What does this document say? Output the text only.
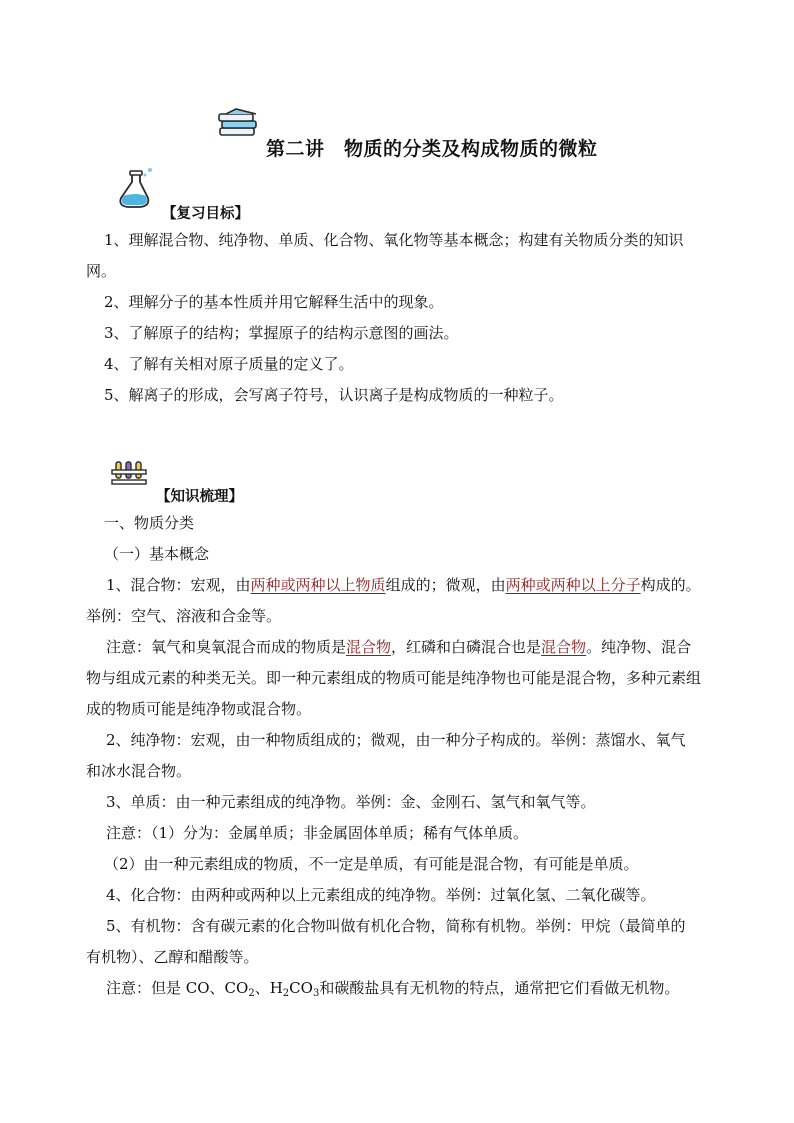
第二讲　物质的分类及构成物质的微粒
【复习目标】
1、理解混合物、纯净物、单质、化合物、氧化物等基本概念；构建有关物质分类的知识
网。
2、理解分子的基本性质并用它解释生活中的现象。
3、了解原子的结构；掌握原子的结构示意图的画法。
4、了解有关相对原子质量的定义了。
5、解离子的形成，会写离子符号，认识离子是构成物质的一种粒子。
【知识梳理】
一、物质分类
（一）基本概念
1、混合物：宏观，由两种或两种以上物质组成的；微观，由两种或两种以上分子构成的。
举例：空气、溶液和合金等。
注意：氧气和臭氧混合而成的物质是混合物，红磷和白磷混合也是混合物。纯净物、混合
物与组成元素的种类无关。即一种元素组成的物质可能是纯净物也可能是混合物，多种元素组
成的物质可能是纯净物或混合物。
2、纯净物：宏观，由一种物质组成的；微观，由一种分子构成的。举例：蒸馏水、氧气
和冰水混合物。
3、单质：由一种元素组成的纯净物。举例：金、金刚石、氢气和氧气等。
注意：（1）分为：金属单质；非金属固体单质；稀有气体单质。
（2）由一种元素组成的物质，不一定是单质，有可能是混合物，有可能是单质。
4、化合物：由两种或两种以上元素组成的纯净物。举例：过氧化氢、二氧化碳等。
5、有机物：含有碳元素的化合物叫做有机化合物，简称有机物。举例：甲烷（最简单的
有机物）、乙醇和醋酸等。
注意：但是 CO、$CO_2$、$H_2CO_3$和碳酸盐具有无机物的特点，通常把它们看做无机物。
